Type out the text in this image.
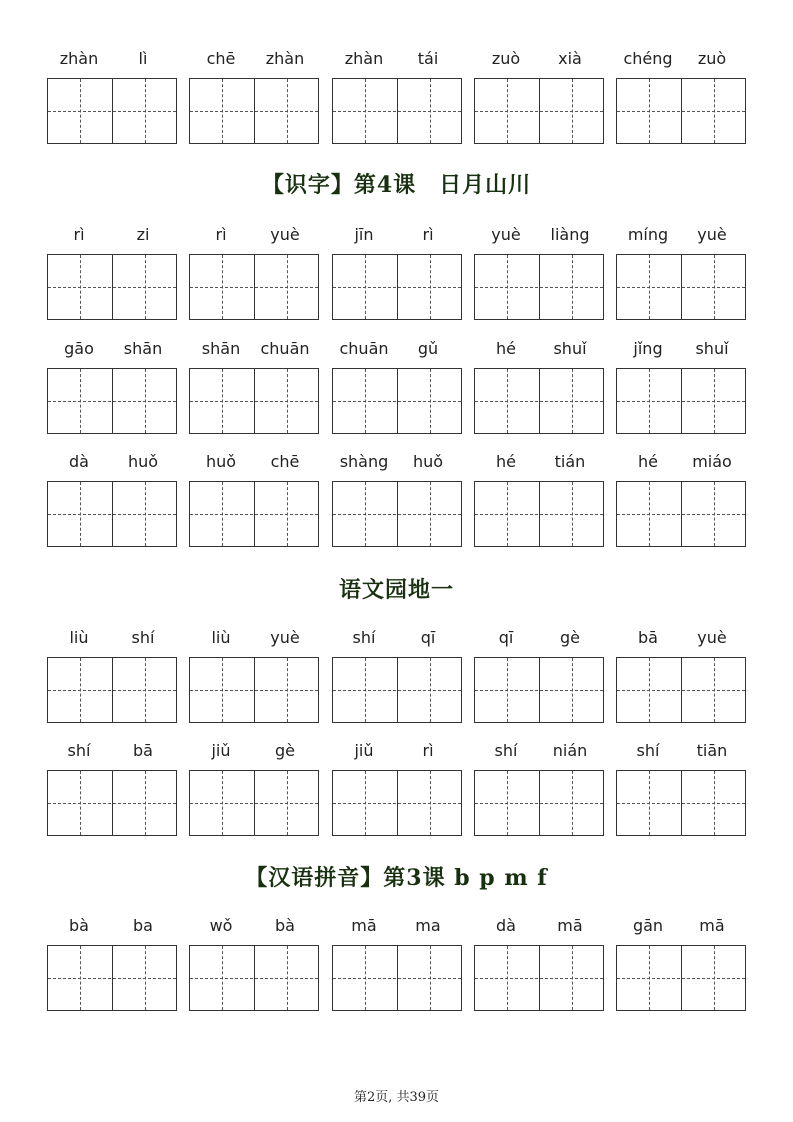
zhàn	lì	chē	zhàn	zhàn	tái	zuò	xià	chéng	zuò
rì	zi	rì	yuè	jīn	rì	yuè	liàng	míng	yuè
gāo	shān	shān	chuān	chuān	gǔ	hé	shuǐ	jǐng	shuǐ
dà	huǒ	huǒ	chē	shàng	huǒ	hé	tián	hé	miáo
liù	shí	liù	yuè	shí	qī	qī	gè	bā	yuè
shí	bā	jiǔ	gè	jiǔ	rì	shí	nián	shí	tiān
bà	ba	wǒ	bà	mā	ma	dà	mā	gān	mā
【识字】第4课　日月山川
语文园地一
【汉语拼音】第3课 b p m f
第2页, 共39页
